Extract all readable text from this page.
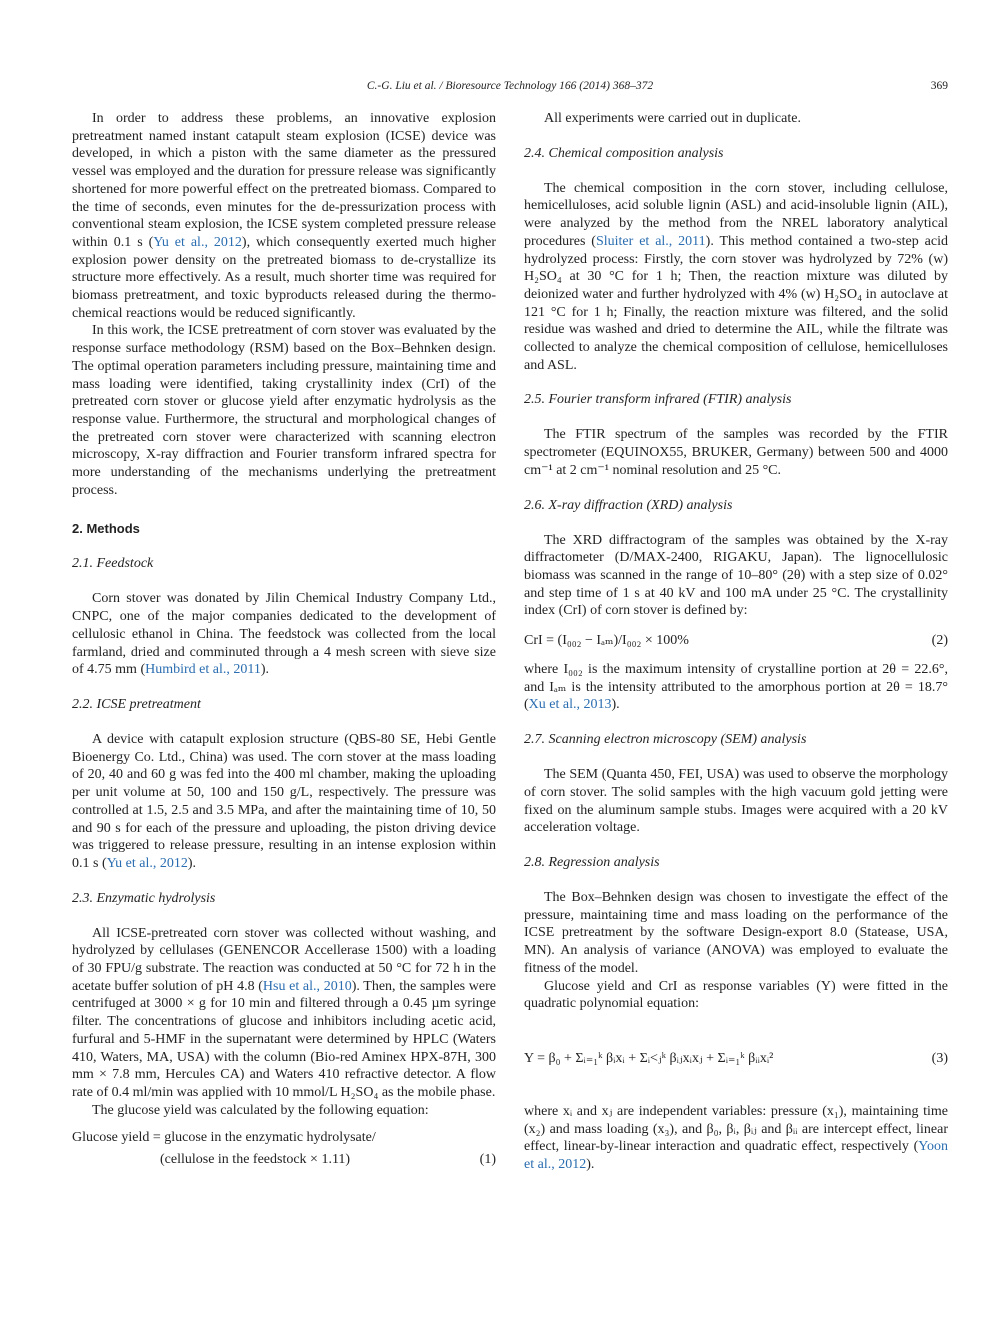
C.-G. Liu et al. / Bioresource Technology 166 (2014) 368–372	369

In order to address these problems, an innovative explosion pretreatment named instant catapult steam explosion (ICSE) device was developed, in which a piston with the same diameter as the pressured vessel was employed and the duration for pressure release was significantly shortened for more powerful effect on the pretreated biomass. Compared to the time of seconds, even minutes for the de-pressurization process with conventional steam explosion, the ICSE system completed pressure release within 0.1 s (Yu et al., 2012), which consequently exerted much higher explosion power density on the pretreated biomass to de-crystallize its structure more effectively. As a result, much shorter time was required for biomass pretreatment, and toxic byproducts released during the thermo-chemical reactions would be reduced significantly.

In this work, the ICSE pretreatment of corn stover was evaluated by the response surface methodology (RSM) based on the Box–Behnken design. The optimal operation parameters including pressure, maintaining time and mass loading were identified, taking crystallinity index (CrI) of the pretreated corn stover or glucose yield after enzymatic hydrolysis as the response value. Furthermore, the structural and morphological changes of the pretreated corn stover were characterized with scanning electron microscopy, X-ray diffraction and Fourier transform infrared spectra for more understanding of the mechanisms underlying the pretreatment process.

2. Methods
2.1. Feedstock

Corn stover was donated by Jilin Chemical Industry Company Ltd., CNPC, one of the major companies dedicated to the development of cellulosic ethanol in China. The feedstock was collected from the local farmland, dried and comminuted through a 4 mesh screen with sieve size of 4.75 mm (Humbird et al., 2011).

2.2. ICSE pretreatment

A device with catapult explosion structure (QBS-80 SE, Hebi Gentle Bioenergy Co. Ltd., China) was used. The corn stover at the mass loading of 20, 40 and 60 g was fed into the 400 ml chamber, making the uploading per unit volume at 50, 100 and 150 g/L, respectively. The pressure was controlled at 1.5, 2.5 and 3.5 MPa, and after the maintaining time of 10, 50 and 90 s for each of the pressure and uploading, the piston driving device was triggered to release pressure, resulting in an intense explosion within 0.1 s (Yu et al., 2012).

2.3. Enzymatic hydrolysis

All ICSE-pretreated corn stover was collected without washing, and hydrolyzed by cellulases (GENENCOR Accellerase 1500) with a loading of 30 FPU/g substrate. The reaction was conducted at 50 °C for 72 h in the acetate buffer solution of pH 4.8 (Hsu et al., 2010). Then, the samples were centrifuged at 3000 × g for 10 min and filtered through a 0.45 µm syringe filter. The concentrations of glucose and inhibitors including acetic acid, furfural and 5-HMF in the supernatant were determined by HPLC (Waters 410, Waters, MA, USA) with the column (Bio-red Aminex HPX-87H, 300 mm × 7.8 mm, Hercules CA) and Waters 410 refractive detector. A flow rate of 0.4 ml/min was applied with 10 mmol/L H₂SO₄ as the mobile phase.

The glucose yield was calculated by the following equation:

Glucose yield = glucose in the enzymatic hydrolysate/
(cellulose in the feedstock × 1.11)	(1)

All experiments were carried out in duplicate.

2.4. Chemical composition analysis

The chemical composition in the corn stover, including cellulose, hemicelluloses, acid soluble lignin (ASL) and acid-insoluble lignin (AIL), were analyzed by the method from the NREL laboratory analytical procedures (Sluiter et al., 2011). This method contained a two-step acid hydrolyzed process: Firstly, the corn stover was hydrolyzed by 72% (w) H₂SO₄ at 30 °C for 1 h; Then, the reaction mixture was diluted by deionized water and further hydrolyzed with 4% (w) H₂SO₄ in autoclave at 121 °C for 1 h; Finally, the reaction mixture was filtered, and the solid residue was washed and dried to determine the AIL, while the filtrate was collected to analyze the chemical composition of cellulose, hemicelluloses and ASL.

2.5. Fourier transform infrared (FTIR) analysis

The FTIR spectrum of the samples was recorded by the FTIR spectrometer (EQUINOX55, BRUKER, Germany) between 500 and 4000 cm⁻¹ at 2 cm⁻¹ nominal resolution and 25 °C.

2.6. X-ray diffraction (XRD) analysis

The XRD diffractogram of the samples was obtained by the X-ray diffractometer (D/MAX-2400, RIGAKU, Japan). The lignocellulosic biomass was scanned in the range of 10–80° (2θ) with a step size of 0.02° and step time of 1 s at 40 kV and 100 mA under 25 °C. The crystallinity index (CrI) of corn stover is defined by:

CrI = (I₀₀₂ − Iₐₘ)/I₀₀₂ × 100%	(2)

where I₀₀₂ is the maximum intensity of crystalline portion at 2θ = 22.6°, and Iₐₘ is the intensity attributed to the amorphous portion at 2θ = 18.7° (Xu et al., 2013).

2.7. Scanning electron microscopy (SEM) analysis

The SEM (Quanta 450, FEI, USA) was used to observe the morphology of corn stover. The solid samples with the high vacuum gold jetting were fixed on the aluminum sample stubs. Images were acquired with a 20 kV acceleration voltage.

2.8. Regression analysis

The Box–Behnken design was chosen to investigate the effect of the pressure, maintaining time and mass loading on the performance of the ICSE pretreatment by the software Design-export 8.0 (Statease, USA, MN). An analysis of variance (ANOVA) was employed to evaluate the fitness of the model.

Glucose yield and CrI as response variables (Y) were fitted in the quadratic polynomial equation:

Y = β₀ + Σᵢ₌₁ᵏ βᵢxᵢ + Σᵢ<ⱼᵏ βᵢⱼxᵢxⱼ + Σᵢ₌₁ᵏ βᵢᵢxᵢ²	(3)

where xᵢ and xⱼ are independent variables: pressure (x₁), maintaining time (x₂) and mass loading (x₃), and β₀, βᵢ, βᵢⱼ and βᵢᵢ are intercept effect, linear effect, linear-by-linear interaction and quadratic effect, respectively (Yoon et al., 2012).
